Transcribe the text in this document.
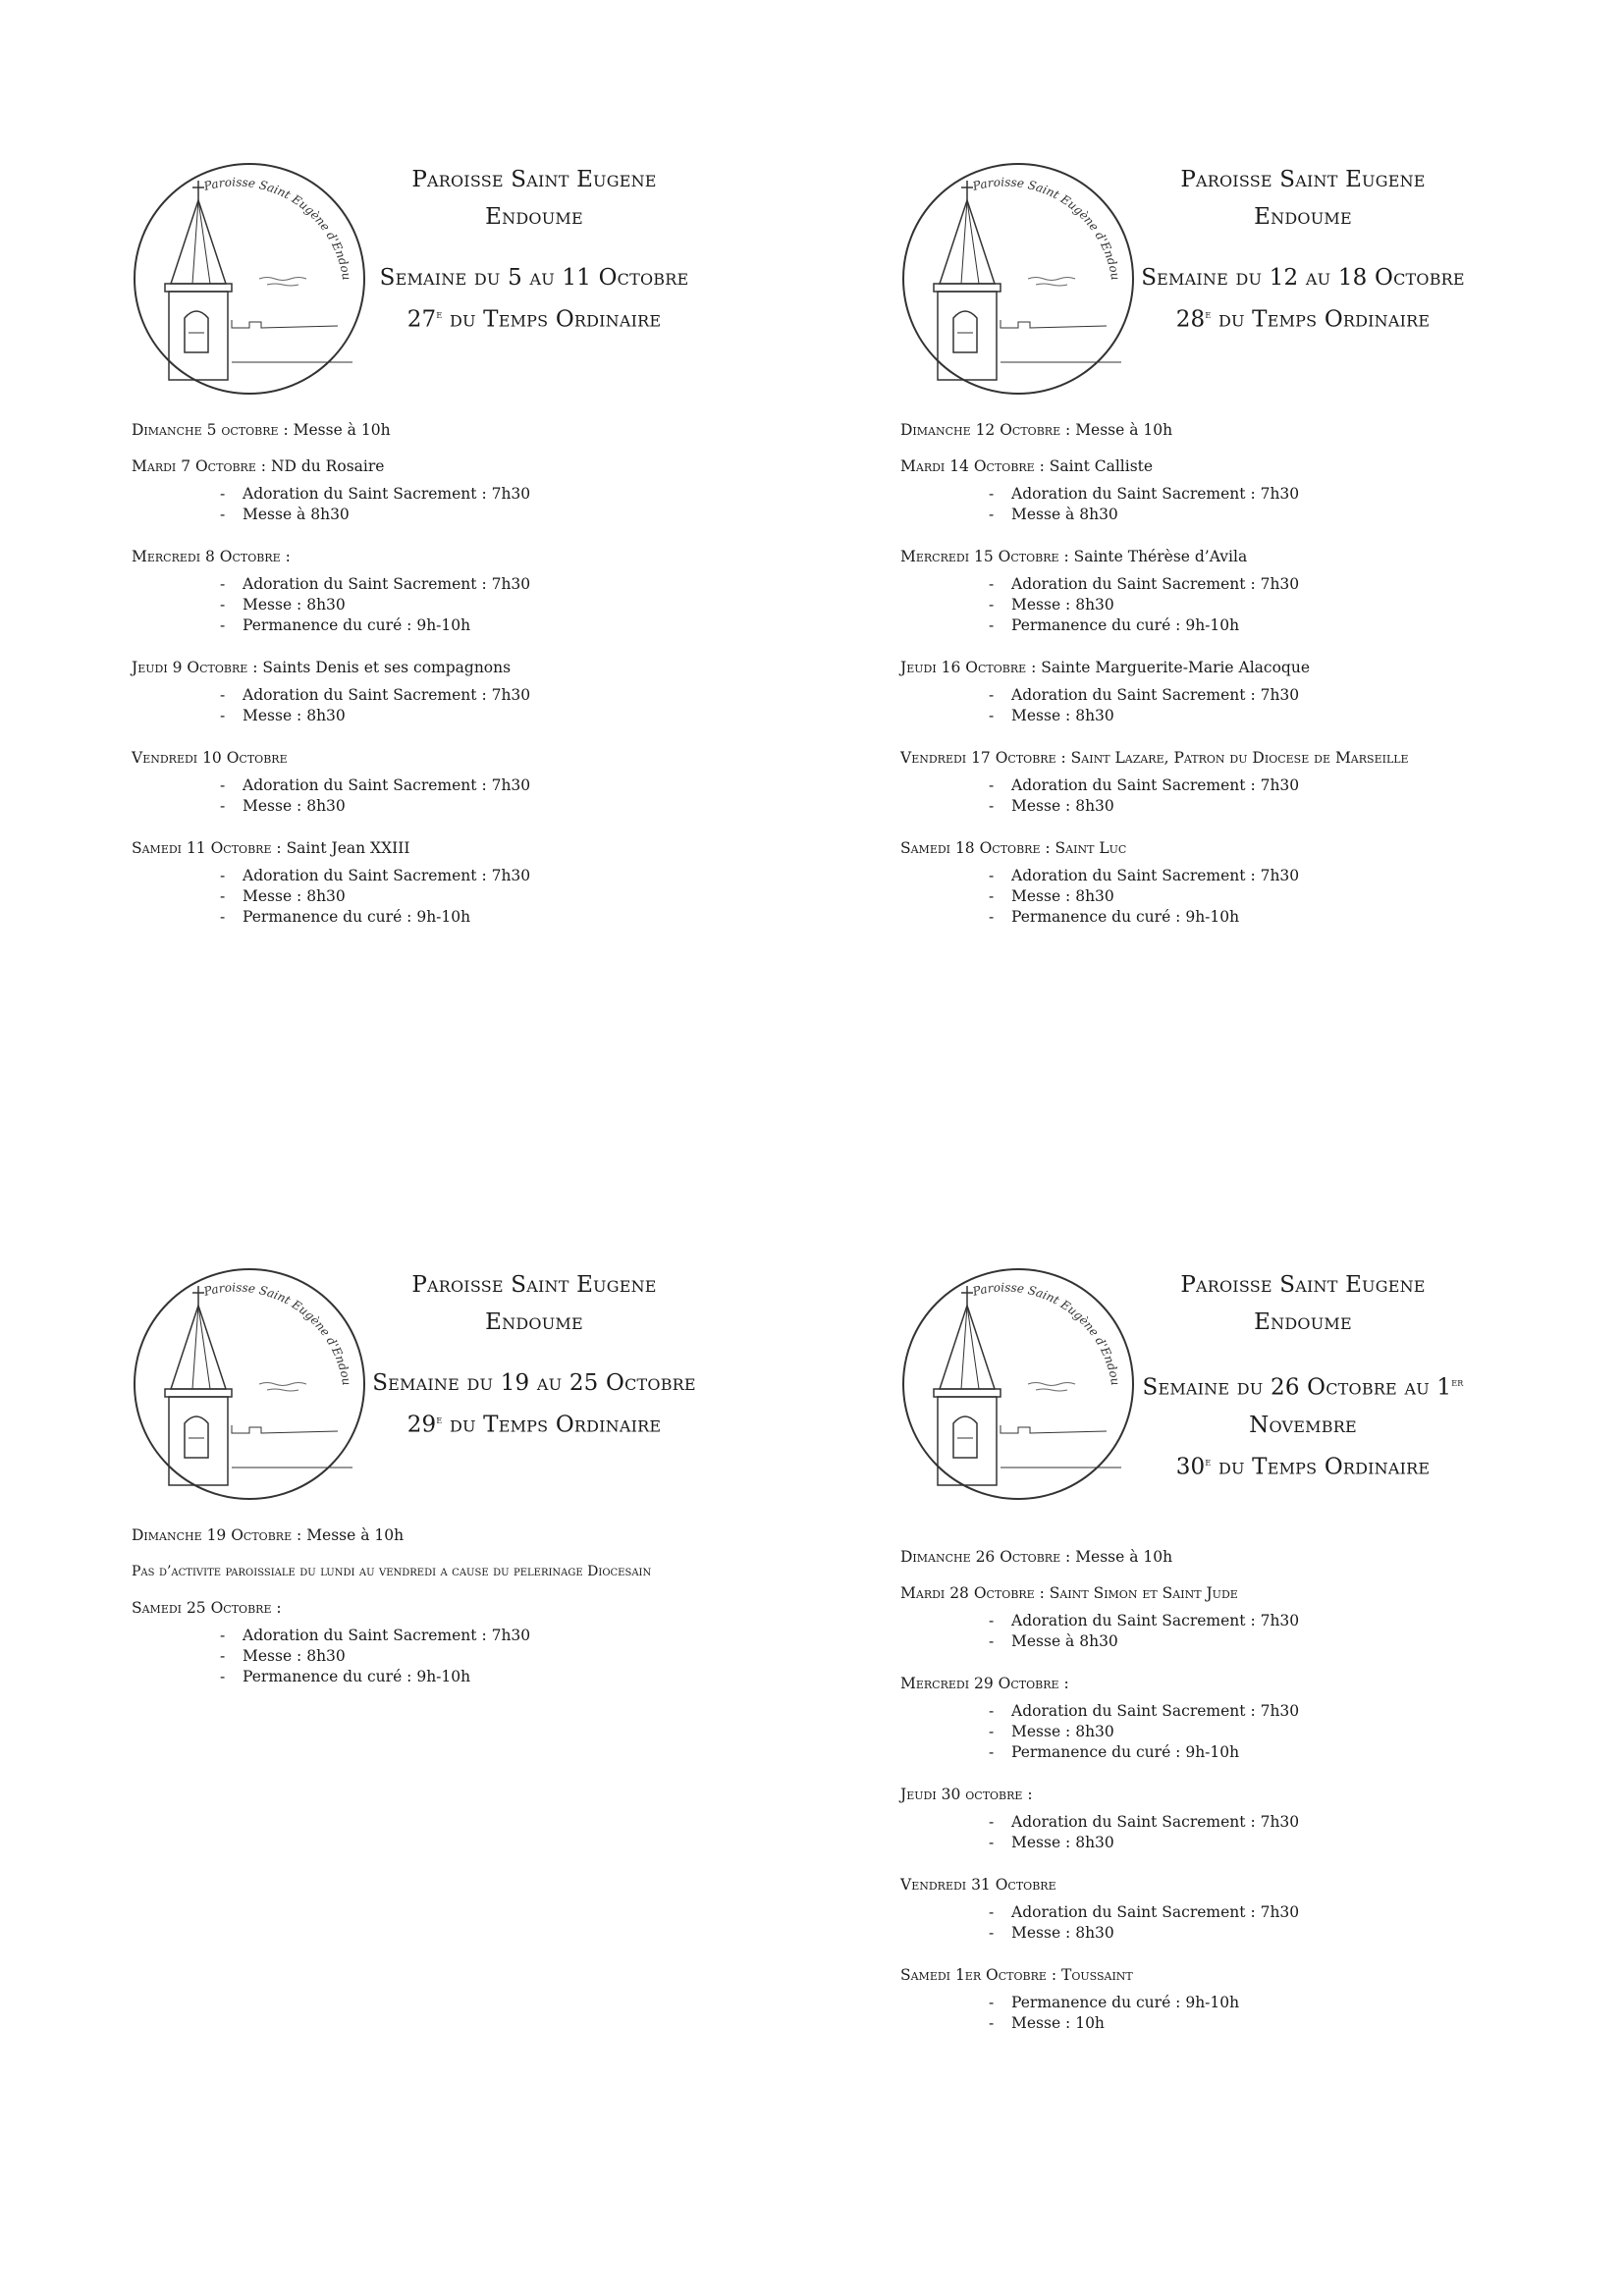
Paroisse Saint Eugène d'Endou
Paroisse Saint Eugene
Endoume
Semaine du 5 au 11 Octobre
27e du Temps Ordinaire
Dimanche 5 octobre : Messe à 10h
Mardi 7 Octobre : ND du Rosaire
- Adoration du Saint Sacrement : 7h30
- Messe à 8h30
Mercredi 8 Octobre :
- Adoration du Saint Sacrement : 7h30
- Messe : 8h30
- Permanence du curé : 9h-10h
Jeudi 9 Octobre : Saints Denis et ses compagnons
- Adoration du Saint Sacrement : 7h30
- Messe : 8h30
Vendredi 10 Octobre
- Adoration du Saint Sacrement : 7h30
- Messe : 8h30
Samedi 11 Octobre : Saint Jean XXIII
- Adoration du Saint Sacrement : 7h30
- Messe : 8h30
- Permanence du curé : 9h-10h
Paroisse Saint Eugène d'Endou
Paroisse Saint Eugene
Endoume
Semaine du 12 au 18 Octobre
28e du Temps Ordinaire
Dimanche 12 Octobre : Messe à 10h
Mardi 14 Octobre : Saint Calliste
- Adoration du Saint Sacrement : 7h30
- Messe à 8h30
Mercredi 15 Octobre : Sainte Thérèse d’Avila
- Adoration du Saint Sacrement : 7h30
- Messe : 8h30
- Permanence du curé : 9h-10h
Jeudi 16 Octobre : Sainte Marguerite-Marie Alacoque
- Adoration du Saint Sacrement : 7h30
- Messe : 8h30
Vendredi 17 Octobre : Saint Lazare, Patron du Diocese de Marseille
- Adoration du Saint Sacrement : 7h30
- Messe : 8h30
Samedi 18 Octobre : Saint Luc
- Adoration du Saint Sacrement : 7h30
- Messe : 8h30
- Permanence du curé : 9h-10h
Paroisse Saint Eugène d'Endou
Paroisse Saint Eugene
Endoume
Semaine du 19 au 25 Octobre
29e du Temps Ordinaire
Dimanche 19 Octobre : Messe à 10h
Pas d’activite paroissiale du lundi au vendredi a cause du pelerinage Diocesain
Samedi 25 Octobre :
- Adoration du Saint Sacrement : 7h30
- Messe : 8h30
- Permanence du curé : 9h-10h
Paroisse Saint Eugène d'Endou
Paroisse Saint Eugene
Endoume
Semaine du 26 Octobre au 1er
Novembre
30e du Temps Ordinaire
Dimanche 26 Octobre : Messe à 10h
Mardi 28 Octobre : Saint Simon et Saint Jude
- Adoration du Saint Sacrement : 7h30
- Messe à 8h30
Mercredi 29 Octobre :
- Adoration du Saint Sacrement : 7h30
- Messe : 8h30
- Permanence du curé : 9h-10h
Jeudi 30 octobre :
- Adoration du Saint Sacrement : 7h30
- Messe : 8h30
Vendredi 31 Octobre
- Adoration du Saint Sacrement : 7h30
- Messe : 8h30
Samedi 1er Octobre : Toussaint
- Permanence du curé : 9h-10h
- Messe : 10h
